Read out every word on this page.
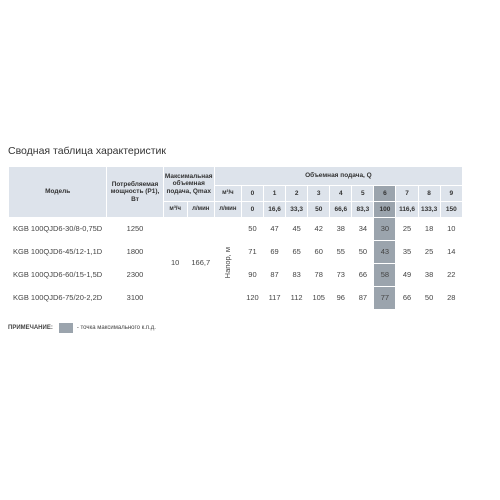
Сводная таблица характеристик
Модель	Потребляемая мощность (P1), Вт	Максимальная объемная подача, Qmax		Объемная подача, Q										
				м³/ч	0	1	2	3	4	5	6	7	8	9
		м³/ч	л/мин	л/мин	0	16,6	33,3	50	66,6	83,3	100	116,6	133,3	150
KGB 100QJD6-30/8-0,75D	1250	10	166,7	Напор, м	50	47	45	42	38	34	30	25	18	10
KGB 100QJD6-45/12-1,1D	1800				71	69	65	60	55	50	43	35	25	14
KGB 100QJD6-60/15-1,5D	2300				90	87	83	78	73	66	58	49	38	22
KGB 100QJD6-75/20-2,2D	3100				120	117	112	105	96	87	77	66	50	28
ПРИМЕЧАНИЕ:	- точка максимального к.п.д.
